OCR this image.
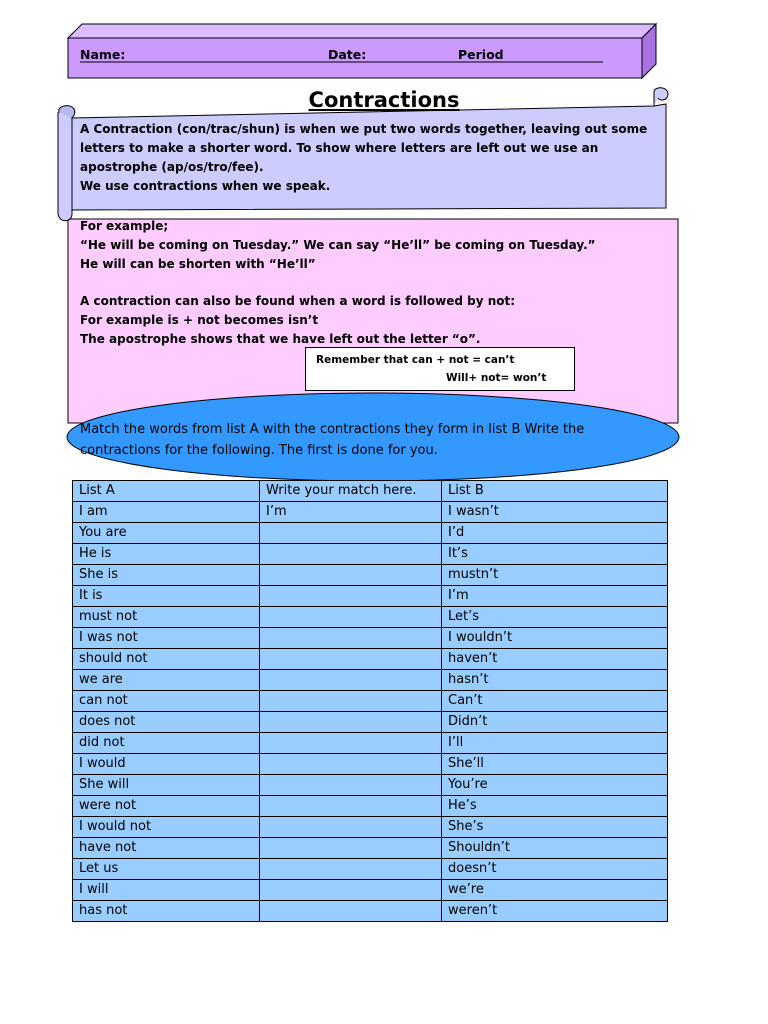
Name:	Date:	Period
Contractions
A Contraction (con/trac/shun) is when we put two words together, leaving out some
letters to make a shorter word. To show where letters are left out we use an
apostrophe (ap/os/tro/fee).
We use contractions when we speak.
For example;
“He will be coming on Tuesday.” We can say “He’ll” be coming on Tuesday.”
He will can be shorten with “He’ll”
A contraction can also be found when a word is followed by not:
For example is + not becomes isn’t
The apostrophe shows that we have left out the letter “o”.
Remember that can + not = can’t
Will+ not= won’t
Match the words from list A with the contractions they form in list B Write the
contractions for the following. The first is done for you.
List A	Write your match here.	List B
I am	I’m	I wasn’t
You are		I’d
He is		It’s
She is		mustn’t
It is		I’m
must not		Let’s
I was not		I wouldn’t
should not		haven’t
we are		hasn’t
can not		Can’t
does not		Didn’t
did not		I’ll
I would		She’ll
She will		You’re
were not		He’s
I would not		She’s
have not		Shouldn’t
Let us		doesn’t
I will		we’re
has not		weren’t
